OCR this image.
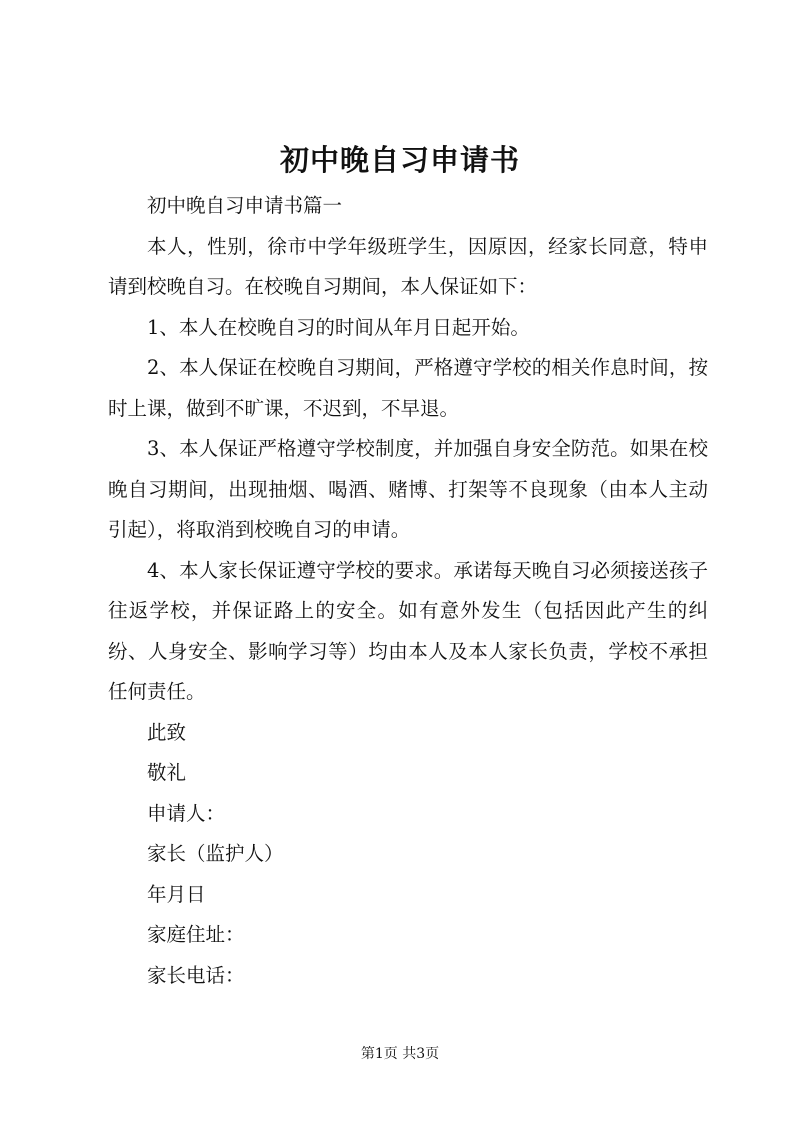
初中晚自习申请书

初中晚自习申请书篇一

本人，性别，徐市中学年级班学生，因原因，经家长同意，特申请到校晚自习。在校晚自习期间，本人保证如下：

1、本人在校晚自习的时间从年月日起开始。

2、本人保证在校晚自习期间，严格遵守学校的相关作息时间，按时上课，做到不旷课，不迟到，不早退。

3、本人保证严格遵守学校制度，并加强自身安全防范。如果在校晚自习期间，出现抽烟、喝酒、赌博、打架等不良现象（由本人主动引起），将取消到校晚自习的申请。

4、本人家长保证遵守学校的要求。承诺每天晚自习必须接送孩子往返学校，并保证路上的安全。如有意外发生（包括因此产生的纠纷、人身安全、影响学习等）均由本人及本人家长负责，学校不承担任何责任。

此致

敬礼

申请人：

家长（监护人）

年月日

家庭住址：

家长电话：

第1页 共3页
